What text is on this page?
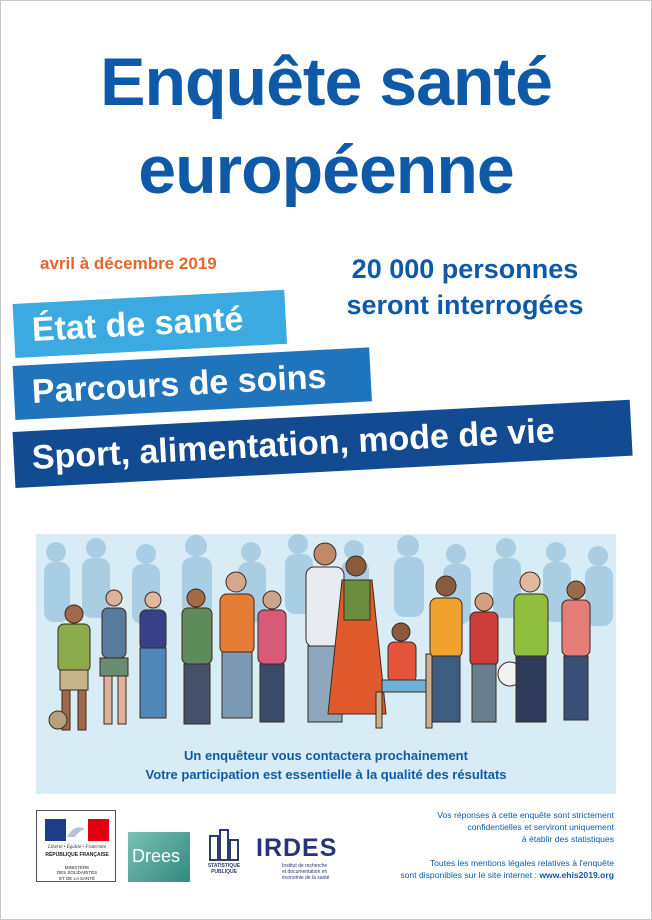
Enquête santé
européenne
avril à décembre 2019	20 000 personnes
seront interrogées
État de santé
Parcours de soins
Sport, alimentation, mode de vie
Un enquêteur vous contactera prochainement
Votre participation est essentielle à la qualité des résultats
Liberté • Égalité • Fraternité
RÉPUBLIQUE FRANÇAISE
MINISTÈRE
DES SOLIDARITÉS
ET DE LA SANTÉ
Drees	STATISTIQUE
PUBLIQUE
IRDES
Institut de recherche
et documentation en
économie de la santé
Vos réponses à cette enquête sont strictement
confidentielles et serviront uniquement
à établir des statistiques
Toutes les mentions légales relatives à l'enquête
sont disponibles sur le site internet : www.ehis2019.org
